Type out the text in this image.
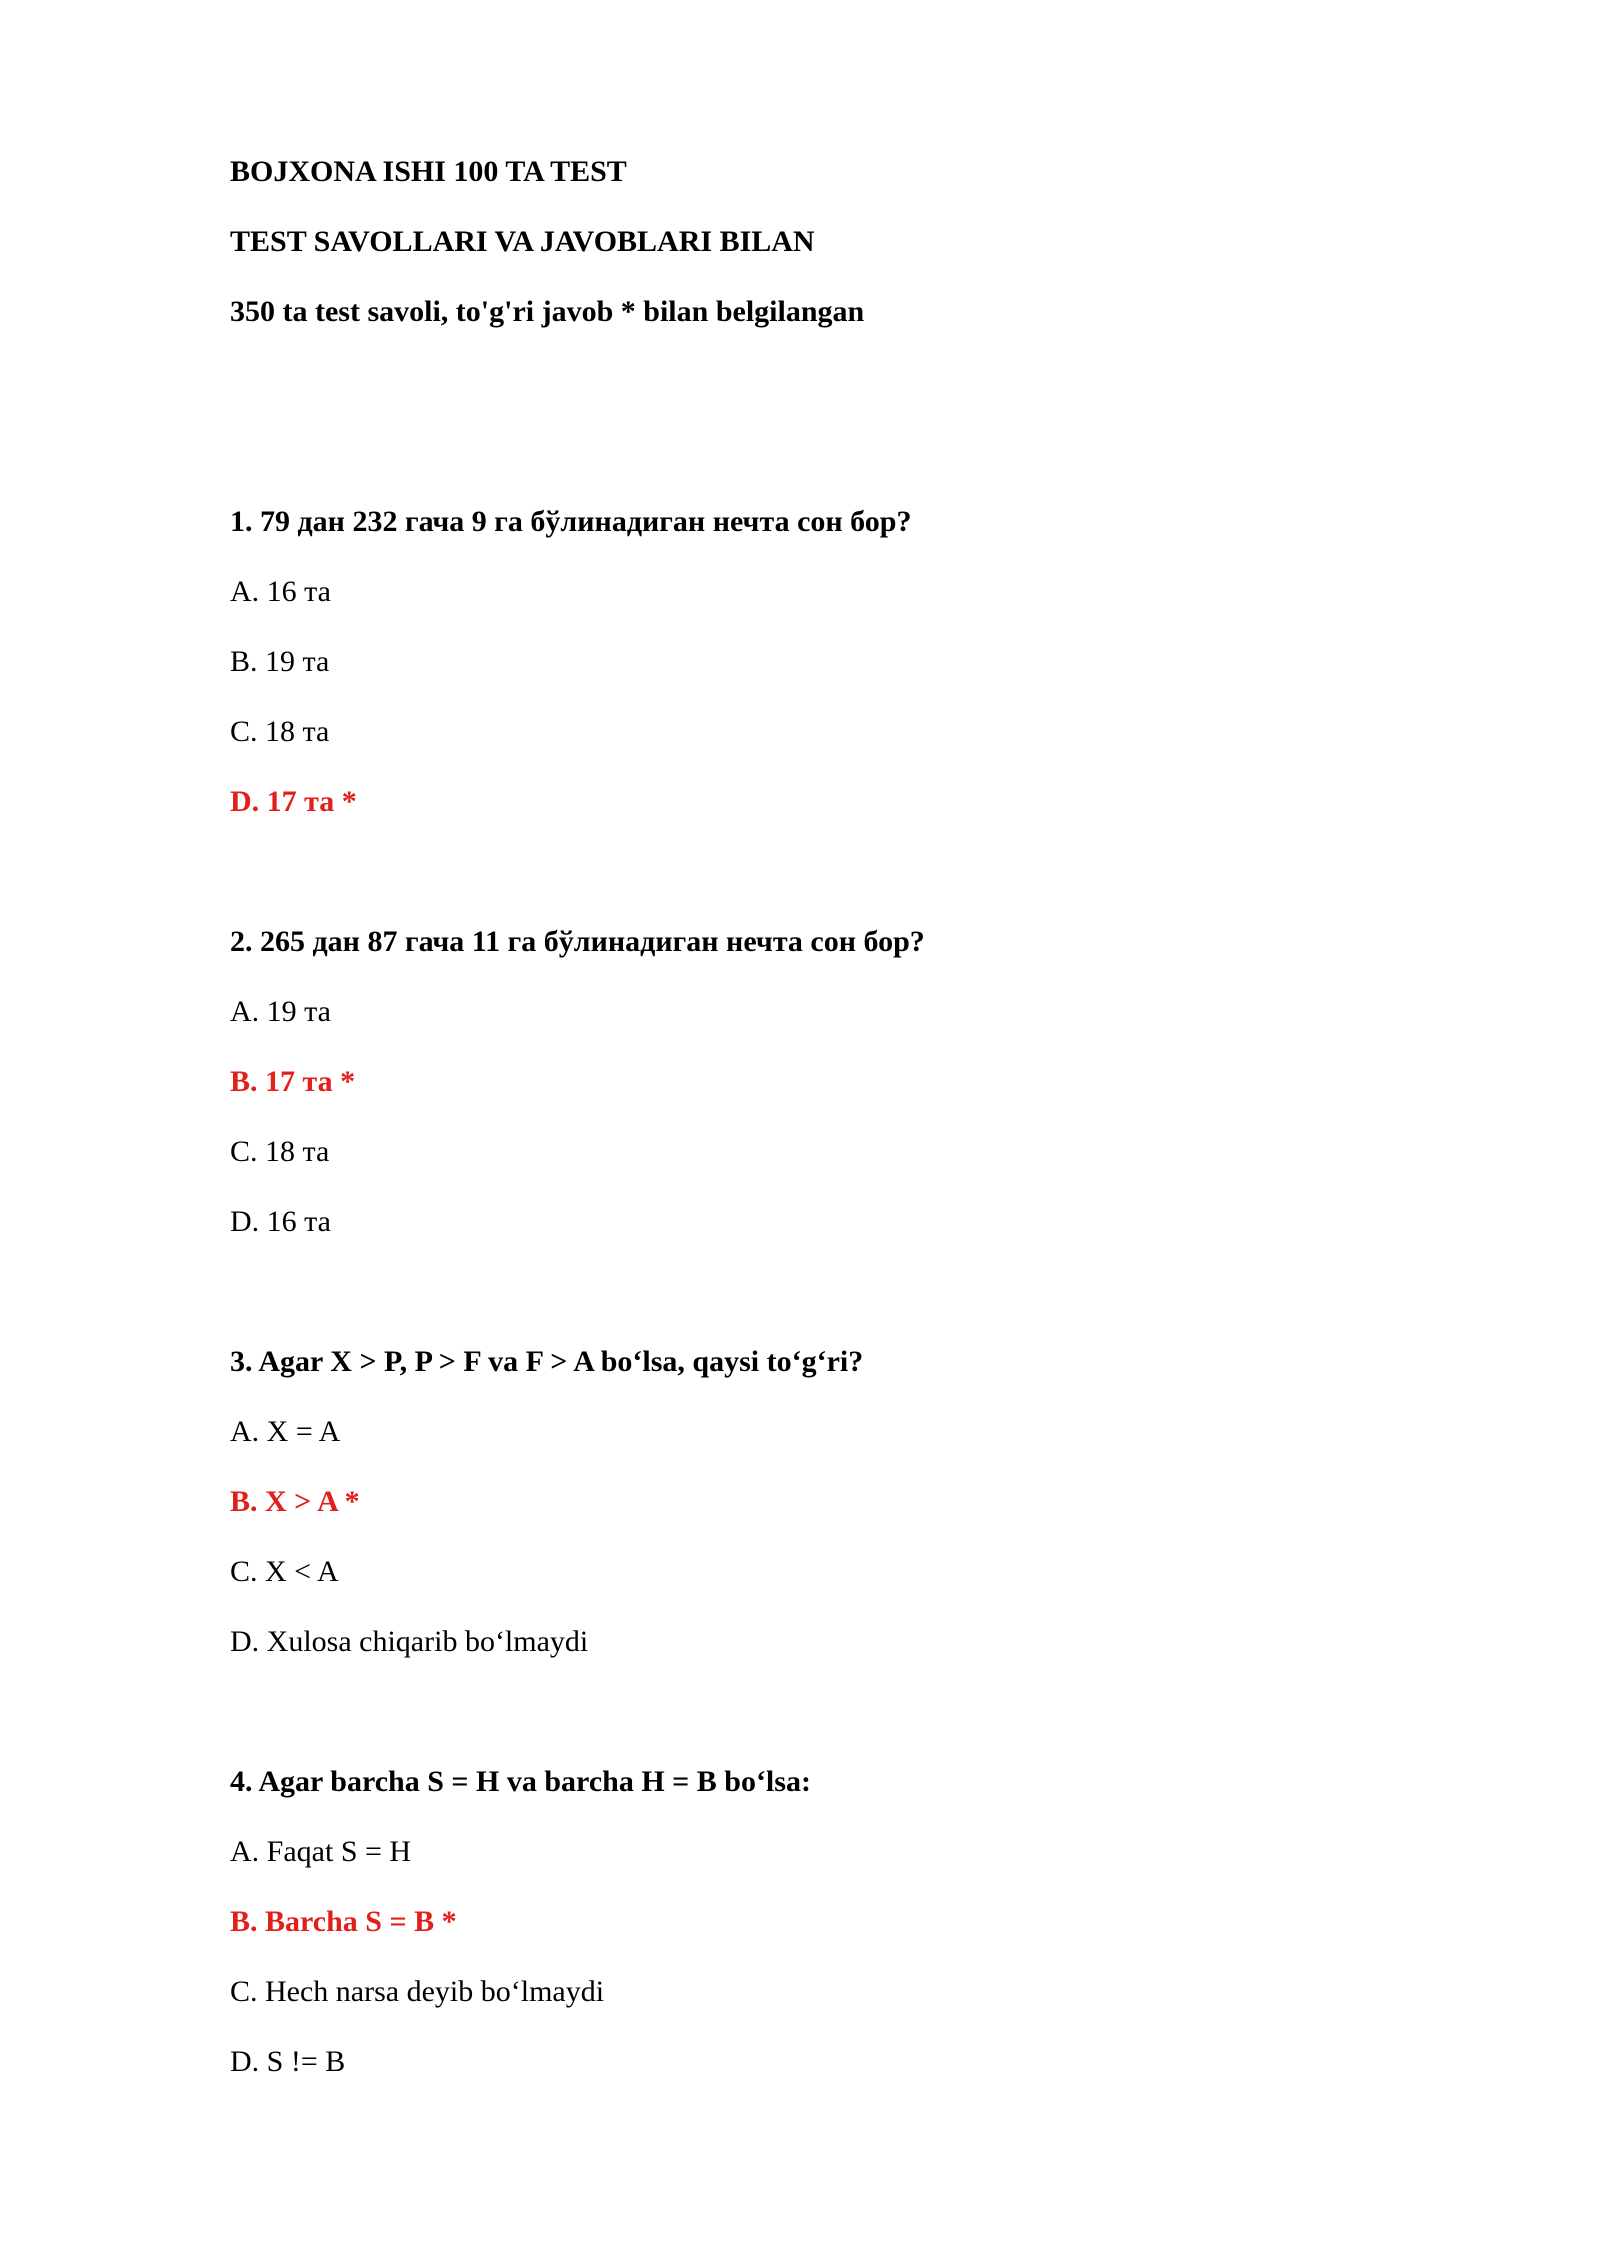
BOJXONA ISHI 100 TA TEST
TEST SAVOLLARI VA JAVOBLARI BILAN
350 ta test savoli, to'g'ri javob * bilan belgilangan
1. 79 дан 232 гача 9 га бўлинадиган нечта сон бор?
A. 16 та
B. 19 та
C. 18 та
D. 17 та *
2. 265 дан 87 гача 11 га бўлинадиган нечта сон бор?
A. 19 та
B. 17 та *
C. 18 та
D. 16 та
3. Agar X > P, P > F va F > A bo‘lsa, qaysi to‘g‘ri?
A. X = A
B. X > A *
C. X < A
D. Xulosa chiqarib bo‘lmaydi
4. Agar barcha S = H va barcha H = B bo‘lsa:
A. Faqat S = H
B. Barcha S = B *
C. Hech narsa deyib bo‘lmaydi
D. S != B
